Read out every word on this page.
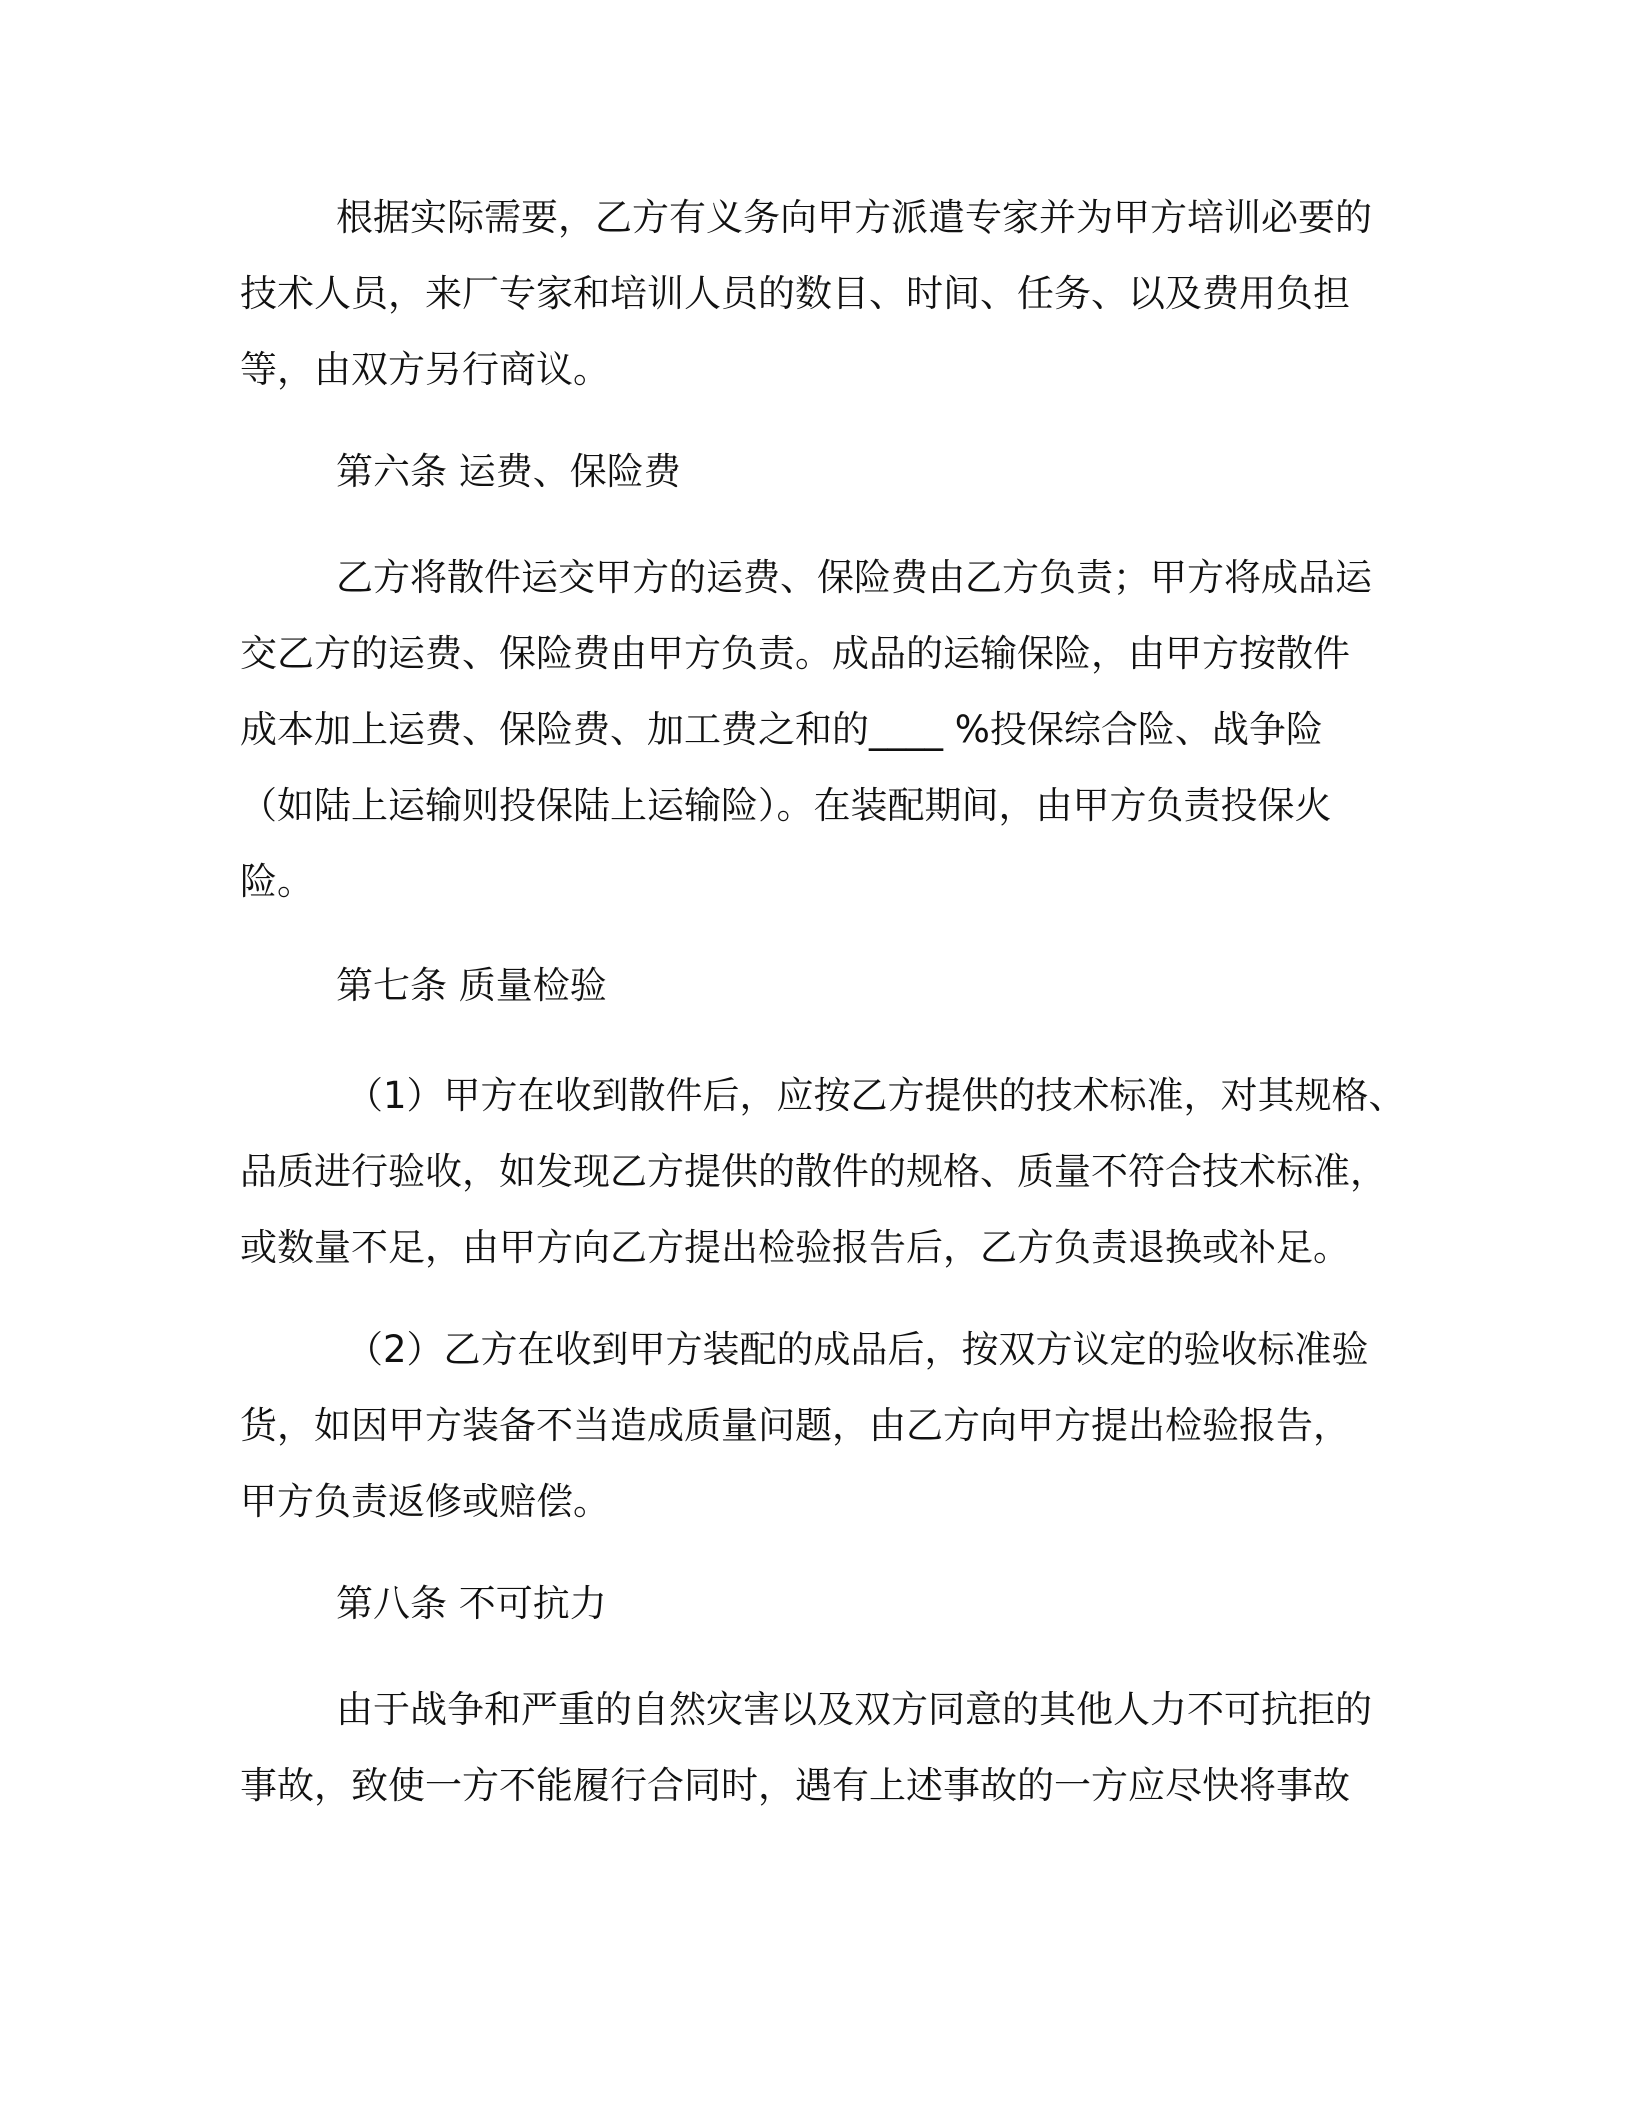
根据实际需要，乙方有义务向甲方派遣专家并为甲方培训必要的
技术人员，来厂专家和培训人员的数目、时间、任务、以及费用负担
等，由双方另行商议。
第六条 运费、保险费
乙方将散件运交甲方的运费、保险费由乙方负责；甲方将成品运
交乙方的运费、保险费由甲方负责。成品的运输保险，由甲方按散件
成本加上运费、保险费、加工费之和的____ %投保综合险、战争险
（如陆上运输则投保陆上运输险）。在装配期间，由甲方负责投保火
险。
第七条 质量检验
（1）甲方在收到散件后，应按乙方提供的技术标准，对其规格、
品质进行验收，如发现乙方提供的散件的规格、质量不符合技术标准，
或数量不足，由甲方向乙方提出检验报告后，乙方负责退换或补足。
（2）乙方在收到甲方装配的成品后，按双方议定的验收标准验
货，如因甲方装备不当造成质量问题，由乙方向甲方提出检验报告，
甲方负责返修或赔偿。
第八条 不可抗力
由于战争和严重的自然灾害以及双方同意的其他人力不可抗拒的
事故，致使一方不能履行合同时，遇有上述事故的一方应尽快将事故
